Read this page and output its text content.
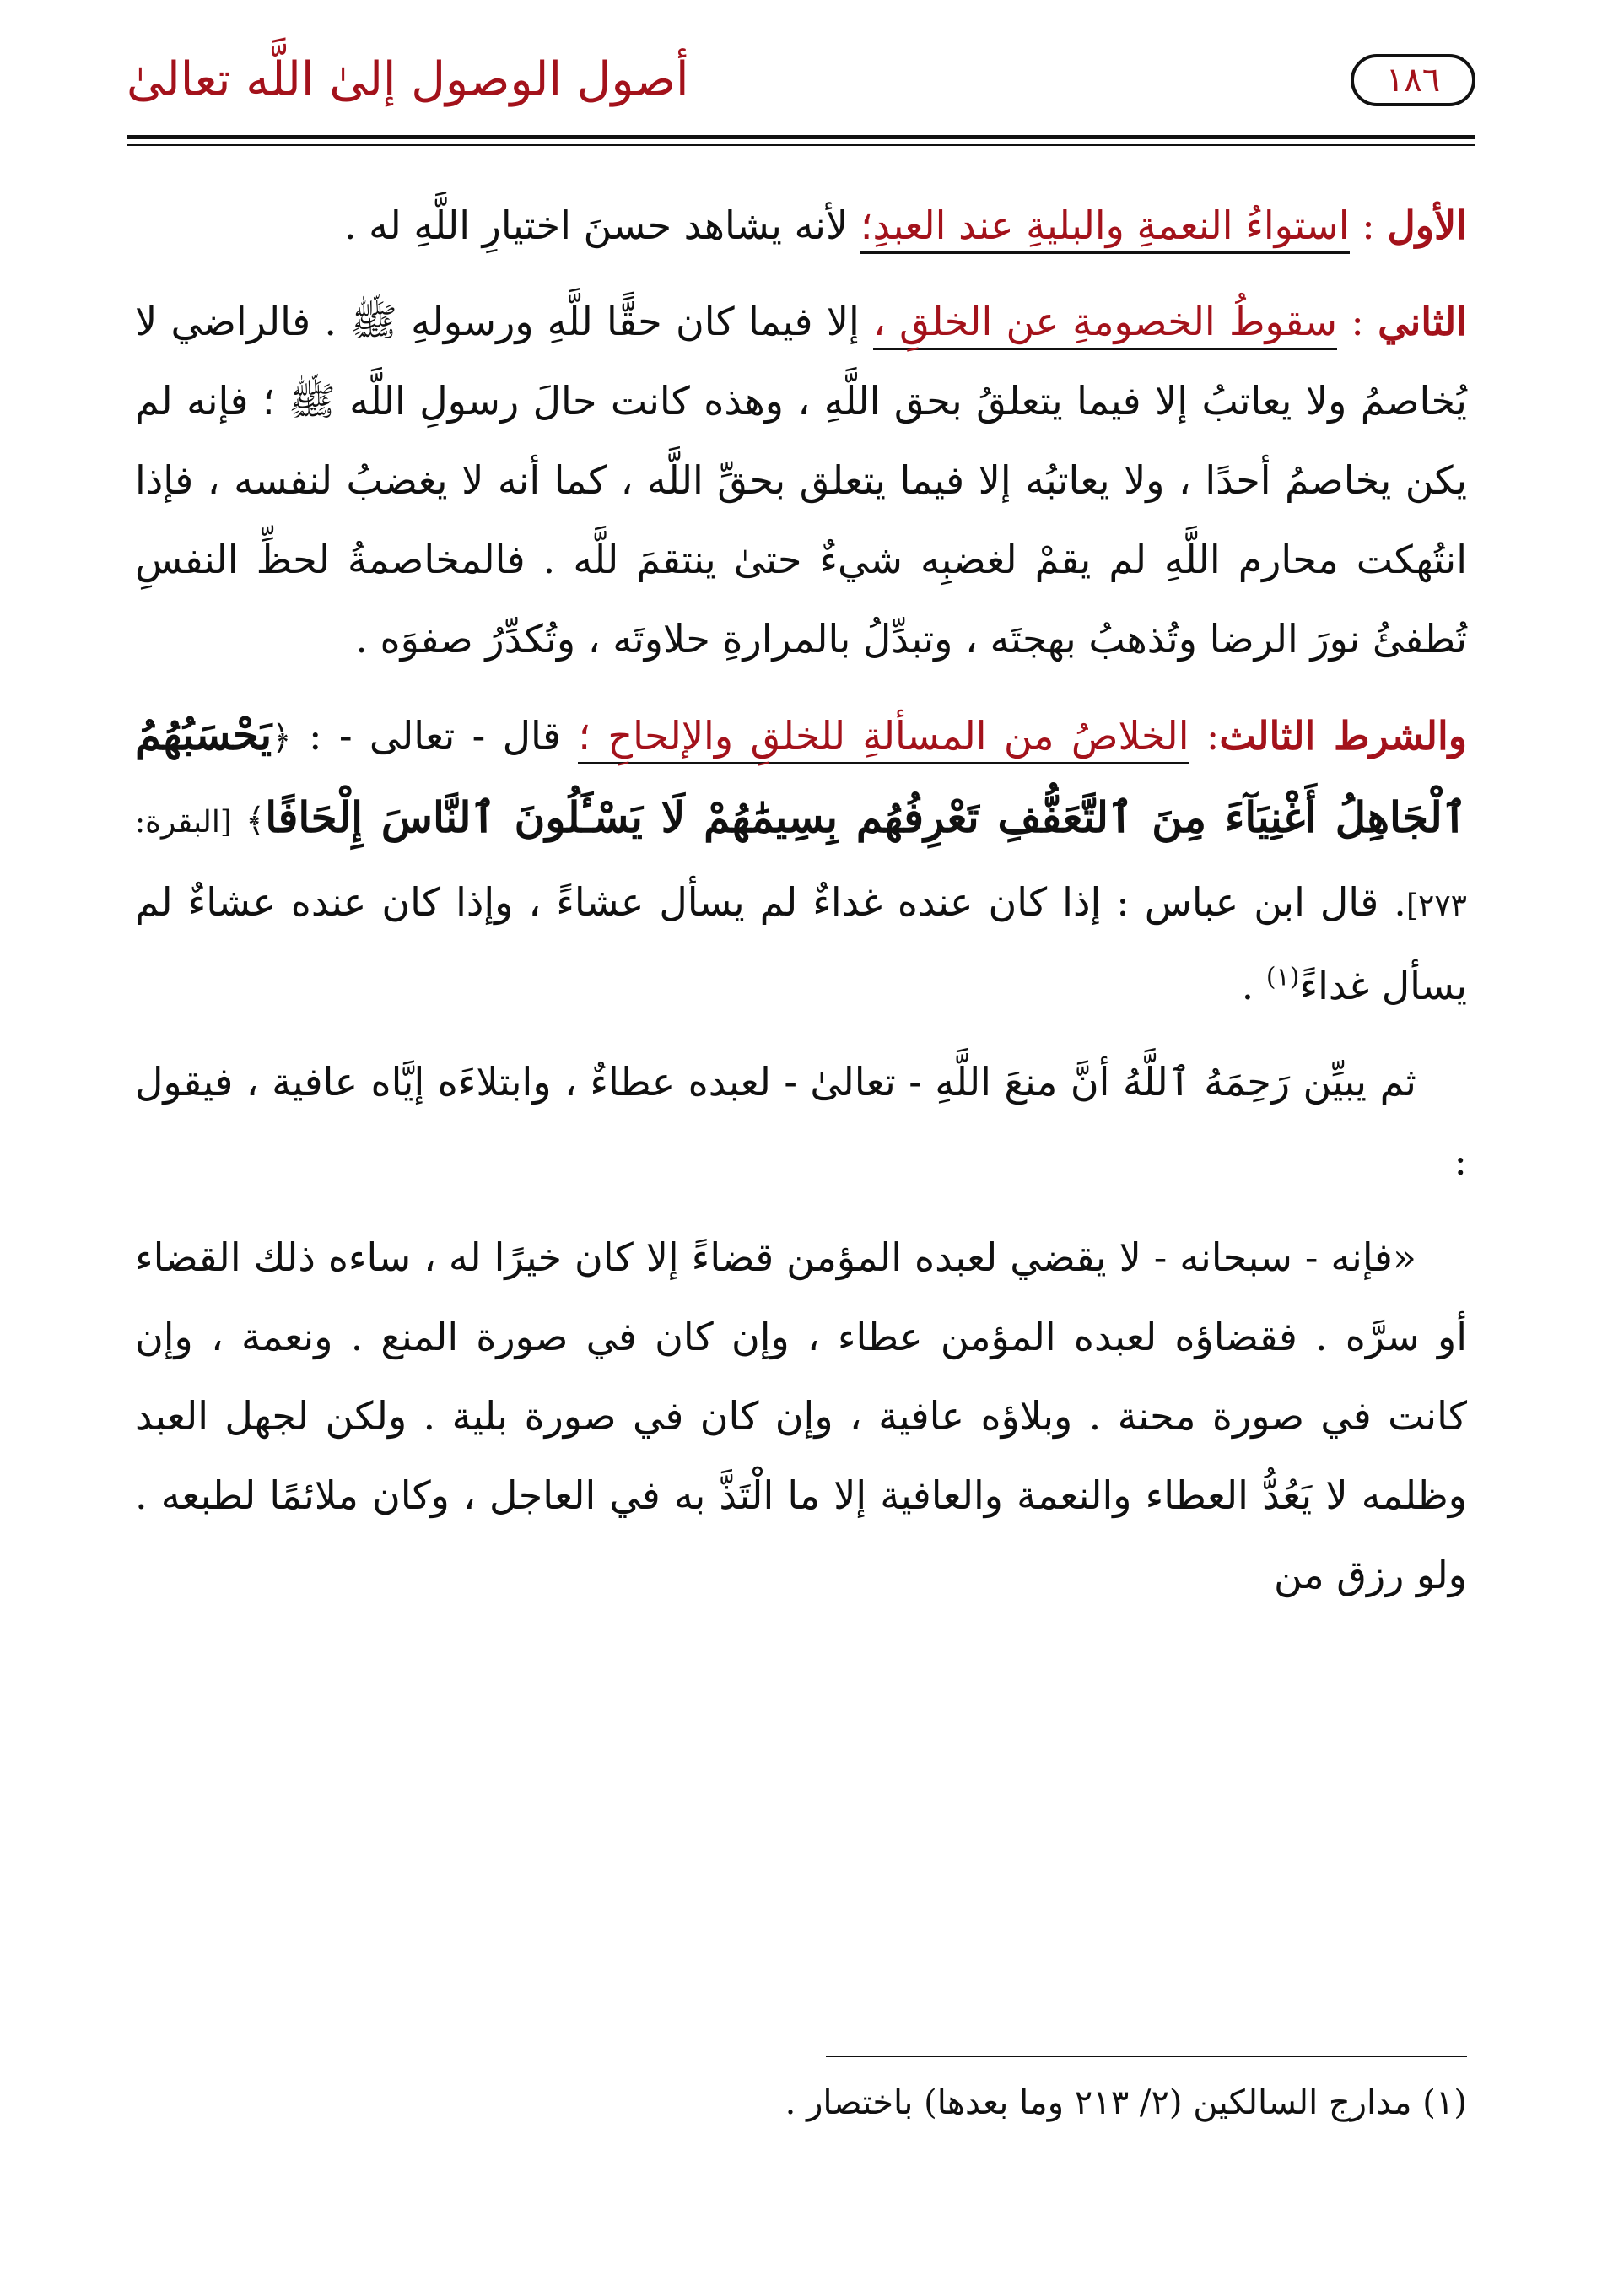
أصول الوصول إلىٰ اللَّه تعالىٰ	١٨٦

الأول : استواءُ النعمةِ والبليةِ عند العبدِ؛ لأنه يشاهد حسنَ اختيارِ اللَّهِ له .

الثاني : سقوطُ الخصومةِ عن الخلقِ ، إلا فيما كان حقًّا للَّهِ ورسولهِ ﷺ . فالراضي لا يُخاصمُ ولا يعاتبُ إلا فيما يتعلقُ بحق اللَّهِ ، وهذه كانت حالَ رسولِ اللَّه ﷺ ؛ فإنه لم يكن يخاصمُ أحدًا ، ولا يعاتبُه إلا فيما يتعلق بحقِّ اللَّه ، كما أنه لا يغضبُ لنفسه ، فإذا انتُهكت محارم اللَّهِ لم يقمْ لغضبِه شيءٌ حتىٰ ينتقمَ للَّه . فالمخاصمةُ لحظِّ النفسِ تُطفئُ نورَ الرضا وتُذهبُ بهجتَه ، وتبدِّلُ بالمرارةِ حلاوتَه ، وتُكدِّرُ صفوَه .

والشرط الثالث: الخلاصُ من المسألةِ للخلقِ والإلحاحِ ؛ قال - تعالى - : ﴿يَحْسَبُهُمُ ٱلْجَاهِلُ أَغْنِيَآءَ مِنَ ٱلتَّعَفُّفِ تَعْرِفُهُم بِسِيمَٰهُمْ لَا يَسْـَٔلُونَ ٱلنَّاسَ إِلْحَافًا﴾ [البقرة: ٢٧٣]. قال ابن عباس : إذا كان عنده غداءٌ لم يسأل عشاءً ، وإذا كان عنده عشاءٌ لم يسأل غداءً$^{(١)}$ .

ثم يبيِّن رَحِمَهُ ٱللَّهُ أنَّ منعَ اللَّهِ - تعالىٰ - لعبده عطاءٌ ، وابتلاءَه إيَّاه عافية ، فيقول :

«فإنه - سبحانه - لا يقضي لعبده المؤمن قضاءً إلا كان خيرًا له ، ساءه ذلك القضاء أو سرَّه . فقضاؤه لعبده المؤمن عطاء ، وإن كان في صورة المنع . ونعمة ، وإن كانت في صورة محنة . وبلاؤه عافية ، وإن كان في صورة بلية . ولكن لجهل العبد وظلمه لا يَعُدُّ العطاء والنعمة والعافية إلا ما الْتَذَّ به في العاجل ، وكان ملائمًا لطبعه . ولو رزق من

(١) مدارج السالكين (٢/ ٢١٣ وما بعدها) باختصار .
